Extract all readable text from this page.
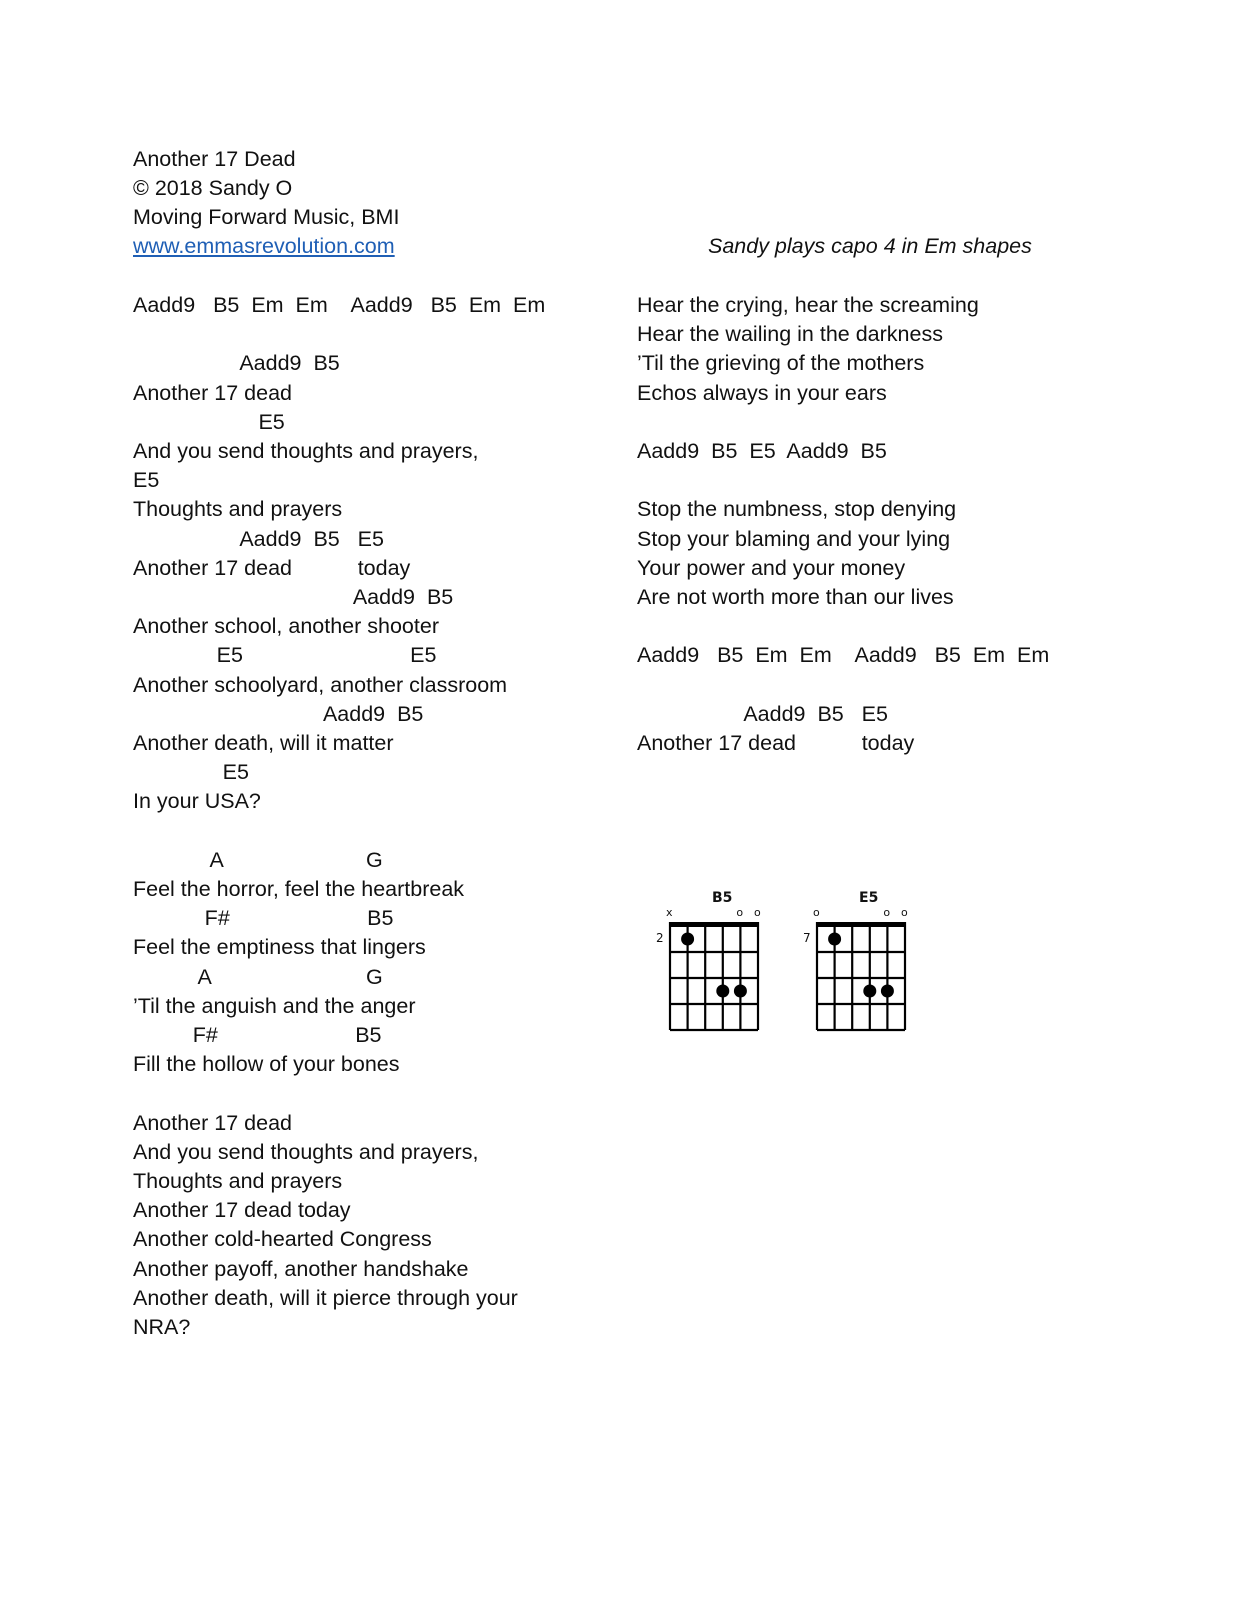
Another 17 Dead
© 2018 Sandy O
Moving Forward Music, BMI
www.emmasrevolution.com	Sandy plays capo 4 in Em shapes
Aadd9   B5  Em  Em    Aadd9   B5  Em  Em
Aadd9  B5
Another 17 dead
E5
And you send thoughts and prayers,
E5
Thoughts and prayers
Aadd9  B5   E5
Another 17 dead           today
Aadd9  B5
Another school, another shooter
E5                            E5
Another schoolyard, another classroom
Aadd9  B5
Another death, will it matter
E5
In your USA?
A                        G
Feel the horror, feel the heartbreak
F#                       B5
Feel the emptiness that lingers
A                          G
’Til the anguish and the anger
F#                       B5
Fill the hollow of your bones
Another 17 dead
And you send thoughts and prayers,
Thoughts and prayers
Another 17 dead today
Another cold-hearted Congress
Another payoff, another handshake
Another death, will it pierce through your
NRA?
Hear the crying, hear the screaming
Hear the wailing in the darkness
’Til the grieving of the mothers
Echos always in your ears
Aadd9  B5  E5  Aadd9  B5
Stop the numbness, stop denying
Stop your blaming and your lying
Your power and your money
Are not worth more than our lives
Aadd9   B5  Em  Em    Aadd9   B5  Em  Em
Aadd9  B5   E5
Another 17 dead           today
B5
2
x	o o
E5
7
o	o o
